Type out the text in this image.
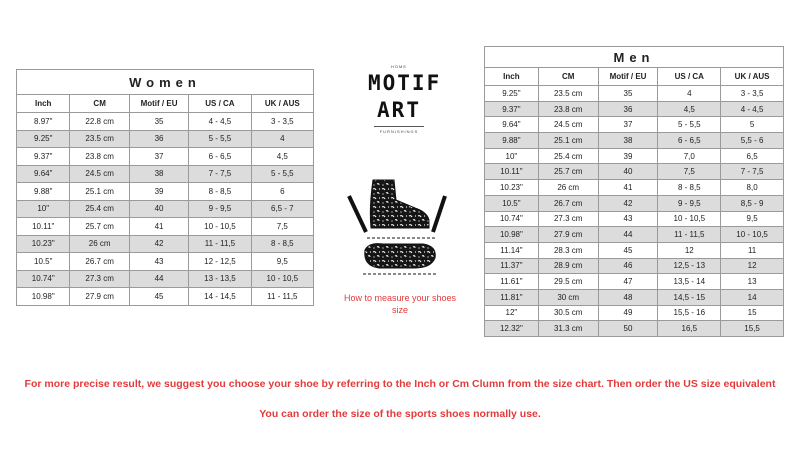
Women				
Inch	CM	Motif / EU	US / CA	UK / AUS
8.97"	22.8 cm	35	4 - 4,5	3 - 3,5
9.25"	23.5 cm	36	5 - 5,5	4
9.37"	23.8 cm	37	6 - 6,5	4,5
9.64"	24.5 cm	38	7 - 7,5	5 - 5,5
9.88"	25.1 cm	39	8 - 8,5	6
10"	25.4 cm	40	9 - 9,5	6,5 - 7
10.11"	25.7 cm	41	10 - 10,5	7,5
10.23"	26 cm	42	11 - 11,5	8 - 8,5
10.5"	26.7 cm	43	12 - 12,5	9,5
10.74"	27.3 cm	44	13 - 13,5	10 - 10,5
10.98"	27.9 cm	45	14 - 14,5	11 - 11,5
HOME
MOTIF
ART
FURNISHINGS
How to measure your shoes size
Men				
Inch	CM	Motif / EU	US / CA	UK / AUS
9.25"	23.5 cm	35	4	3 - 3,5
9.37"	23.8 cm	36	4,5	4 - 4,5
9.64"	24.5 cm	37	5 - 5,5	5
9.88"	25.1 cm	38	6 - 6,5	5,5 - 6
10"	25.4 cm	39	7,0	6,5
10.11"	25.7 cm	40	7,5	7 - 7,5
10.23"	26 cm	41	8 - 8,5	8,0
10.5"	26.7 cm	42	9 - 9,5	8,5 - 9
10.74"	27.3 cm	43	10 - 10,5	9,5
10.98"	27.9 cm	44	11 - 11,5	10 - 10,5
11.14"	28.3 cm	45	12	11
11.37"	28.9 cm	46	12,5 - 13	12
11.61"	29.5 cm	47	13,5 - 14	13
11.81"	30 cm	48	14,5 - 15	14
12"	30.5 cm	49	15,5 - 16	15
12.32"	31.3 cm	50	16,5	15,5
For more precise result, we suggest you choose your shoe by referring to the Inch or Cm Clumn from the size chart. Then order the US size equivalent
You can order the size of the sports shoes normally use.
